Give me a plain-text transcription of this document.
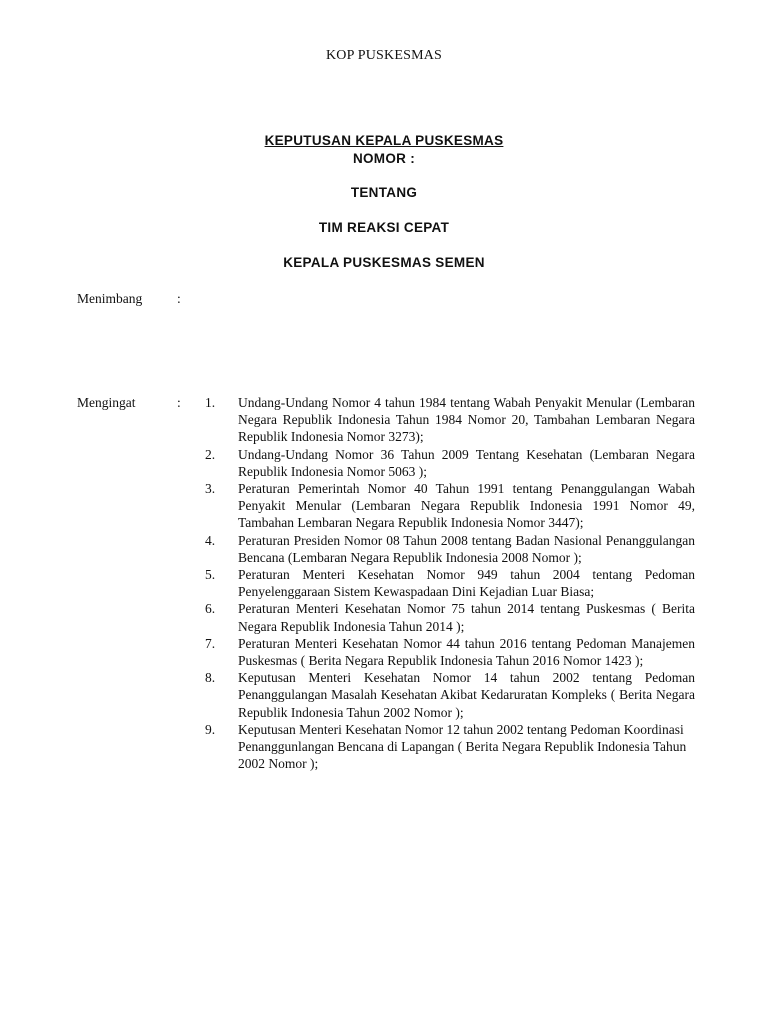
KOP PUSKESMAS
KEPUTUSAN KEPALA PUSKESMAS
NOMOR :
TENTANG
TIM REAKSI CEPAT
KEPALA PUSKESMAS SEMEN
Menimbang	:
Mengingat	: 1.	Undang-Undang Nomor 4 tahun 1984 tentang Wabah Penyakit Menular (Lembaran Negara Republik Indonesia Tahun 1984 Nomor 20, Tambahan Lembaran Negara Republik Indonesia Nomor 3273);
2.	Undang-Undang Nomor 36 Tahun 2009 Tentang Kesehatan (Lembaran Negara Republik Indonesia Nomor 5063 );
3.	Peraturan Pemerintah Nomor 40 Tahun 1991 tentang Penanggulangan Wabah Penyakit Menular (Lembaran Negara Republik Indonesia 1991 Nomor 49, Tambahan Lembaran Negara Republik Indonesia Nomor 3447);
4.	Peraturan Presiden Nomor 08 Tahun 2008 tentang Badan Nasional Penanggulangan Bencana (Lembaran Negara Republik Indonesia 2008 Nomor );
5.	Peraturan Menteri Kesehatan Nomor 949 tahun 2004 tentang Pedoman Penyelenggaraan Sistem Kewaspadaan Dini Kejadian Luar Biasa;
6.	Peraturan Menteri Kesehatan Nomor 75 tahun 2014 tentang Puskesmas ( Berita Negara Republik Indonesia Tahun 2014 );
7.	Peraturan Menteri Kesehatan Nomor 44 tahun 2016 tentang Pedoman Manajemen Puskesmas ( Berita Negara Republik Indonesia Tahun 2016 Nomor 1423 );
8.	Keputusan Menteri Kesehatan Nomor 14 tahun 2002 tentang Pedoman Penanggulangan Masalah Kesehatan Akibat Kedaruratan Kompleks ( Berita Negara Republik Indonesia Tahun 2002 Nomor );
9.	Keputusan Menteri Kesehatan Nomor 12 tahun 2002 tentang Pedoman Koordinasi Penanggunlangan Bencana di Lapangan ( Berita Negara Republik Indonesia Tahun 2002 Nomor );
